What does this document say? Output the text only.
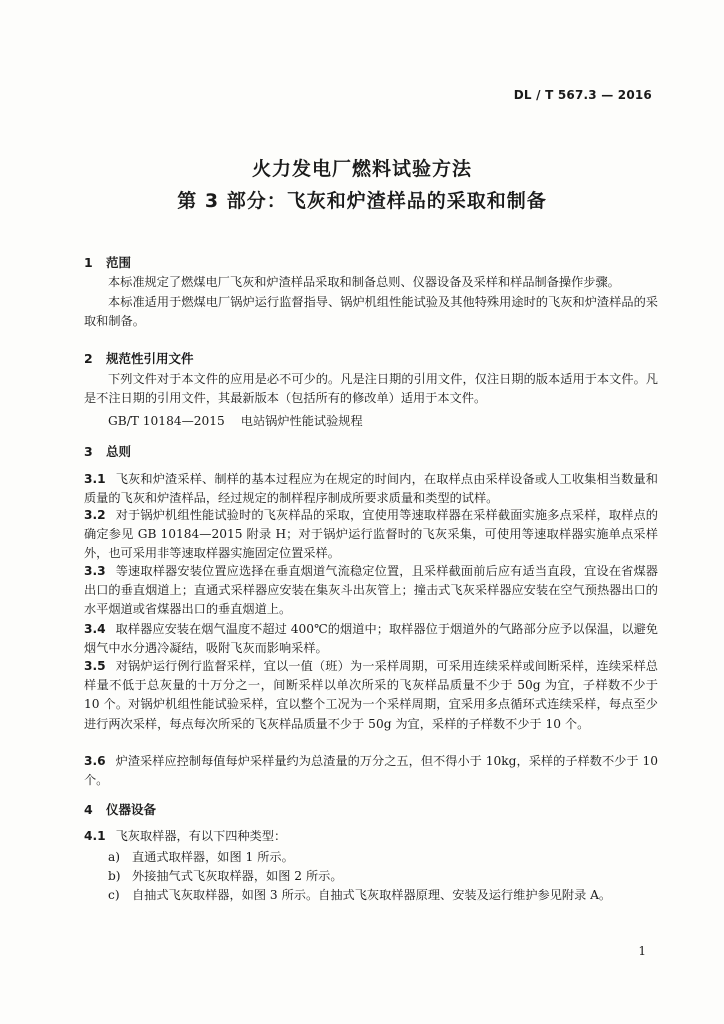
DL / T 567.3 — 2016
火力发电厂燃料试验方法
第 3 部分：飞灰和炉渣样品的采取和制备
1 范围
本标准规定了燃煤电厂飞灰和炉渣样品采取和制备总则、仪器设备及采样和样品制备操作步骤。
本标准适用于燃煤电厂锅炉运行监督指导、锅炉机组性能试验及其他特殊用途时的飞灰和炉渣样品的采取和制备。
2 规范性引用文件
下列文件对于本文件的应用是必不可少的。凡是注日期的引用文件，仅注日期的版本适用于本文件。凡是不注日期的引用文件，其最新版本（包括所有的修改单）适用于本文件。
GB/T 10184—2015 电站锅炉性能试验规程
3 总则
3.1 飞灰和炉渣采样、制样的基本过程应为在规定的时间内，在取样点由采样设备或人工收集相当数量和质量的飞灰和炉渣样品，经过规定的制样程序制成所要求质量和类型的试样。
3.2 对于锅炉机组性能试验时的飞灰样品的采取，宜使用等速取样器在采样截面实施多点采样，取样点的确定参见 GB 10184—2015 附录 H；对于锅炉运行监督时的飞灰采集，可使用等速取样器实施单点采样外，也可采用非等速取样器实施固定位置采样。
3.3 等速取样器安装位置应选择在垂直烟道气流稳定位置，且采样截面前后应有适当直段，宜设在省煤器出口的垂直烟道上；直通式采样器应安装在集灰斗出灰管上；撞击式飞灰采样器应安装在空气预热器出口的水平烟道或省煤器出口的垂直烟道上。
3.4 取样器应安装在烟气温度不超过 400℃的烟道中；取样器位于烟道外的气路部分应予以保温，以避免烟气中水分遇冷凝结，吸附飞灰而影响采样。
3.5 对锅炉运行例行监督采样，宜以一值（班）为一采样周期，可采用连续采样或间断采样，连续采样总样量不低于总灰量的十万分之一，间断采样以单次所采的飞灰样品质量不少于 50g 为宜，子样数不少于 10 个。对锅炉机组性能试验采样，宜以整个工况为一个采样周期，宜采用多点循环式连续采样，每点至少进行两次采样，每点每次所采的飞灰样品质量不少于 50g 为宜，采样的子样数不少于 10 个。
3.6 炉渣采样应控制每值每炉采样量约为总渣量的万分之五，但不得小于 10kg，采样的子样数不少于 10 个。
4 仪器设备
4.1 飞灰取样器，有以下四种类型：
a) 直通式取样器，如图 1 所示。
b) 外接抽气式飞灰取样器，如图 2 所示。
c) 自抽式飞灰取样器，如图 3 所示。自抽式飞灰取样器原理、安装及运行维护参见附录 A。
1
